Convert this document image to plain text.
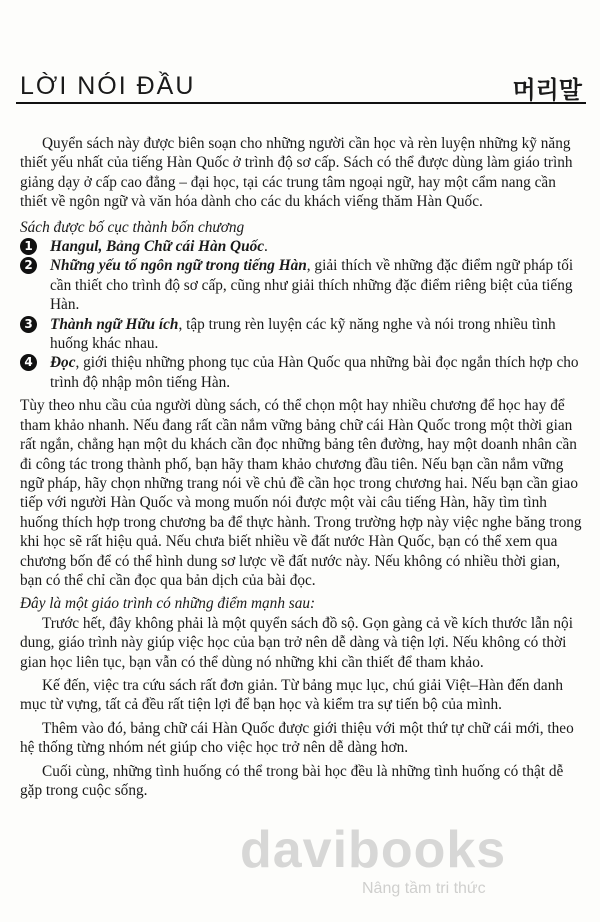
LỜI NÓI ĐẦU	머리말

Quyển sách này được biên soạn cho những người cần học và rèn luyện những kỹ năng thiết yếu nhất của tiếng Hàn Quốc ở trình độ sơ cấp. Sách có thể được dùng làm giáo trình giảng dạy ở cấp cao đẳng – đại học, tại các trung tâm ngoại ngữ, hay một cẩm nang cần thiết về ngôn ngữ và văn hóa dành cho các du khách viếng thăm Hàn Quốc.

Sách được bố cục thành bốn chương

1 Hangul, Bảng Chữ cái Hàn Quốc.
2 Những yếu tố ngôn ngữ trong tiếng Hàn, giải thích về những đặc điểm ngữ pháp tối cần thiết cho trình độ sơ cấp, cũng như giải thích những đặc điểm riêng biệt của tiếng Hàn.
3 Thành ngữ Hữu ích, tập trung rèn luyện các kỹ năng nghe và nói trong nhiều tình huống khác nhau.
4 Đọc, giới thiệu những phong tục của Hàn Quốc qua những bài đọc ngắn thích hợp cho trình độ nhập môn tiếng Hàn.

Tùy theo nhu cầu của người dùng sách, có thể chọn một hay nhiều chương để học hay để tham khảo nhanh. Nếu đang rất cần nắm vững bảng chữ cái Hàn Quốc trong một thời gian rất ngắn, chẳng hạn một du khách cần đọc những bảng tên đường, hay một doanh nhân cần đi công tác trong thành phố, bạn hãy tham khảo chương đầu tiên. Nếu bạn cần nắm vững ngữ pháp, hãy chọn những trang nói về chủ đề cần học trong chương hai. Nếu bạn cần giao tiếp với người Hàn Quốc và mong muốn nói được một vài câu tiếng Hàn, hãy tìm tình huống thích hợp trong chương ba để thực hành. Trong trường hợp này việc nghe băng trong khi học sẽ rất hiệu quả. Nếu chưa biết nhiều về đất nước Hàn Quốc, bạn có thể xem qua chương bốn để có thể hình dung sơ lược về đất nước này. Nếu không có nhiều thời gian, bạn có thể chỉ cần đọc qua bản dịch của bài đọc.

Đây là một giáo trình có những điểm mạnh sau:

Trước hết, đây không phải là một quyển sách đồ sộ. Gọn gàng cả về kích thước lẫn nội dung, giáo trình này giúp việc học của bạn trở nên dễ dàng và tiện lợi. Nếu không có thời gian học liên tục, bạn vẫn có thể dùng nó những khi cần thiết để tham khảo.

Kế đến, việc tra cứu sách rất đơn giản. Từ bảng mục lục, chú giải Việt–Hàn đến danh mục từ vựng, tất cả đều rất tiện lợi để bạn học và kiểm tra sự tiến bộ của mình.

Thêm vào đó, bảng chữ cái Hàn Quốc được giới thiệu với một thứ tự chữ cái mới, theo hệ thống từng nhóm nét giúp cho việc học trở nên dễ dàng hơn.

Cuối cùng, những tình huống có thể trong bài học đều là những tình huống có thật dễ gặp trong cuộc sống.

davibooks
Nâng tầm tri thức
